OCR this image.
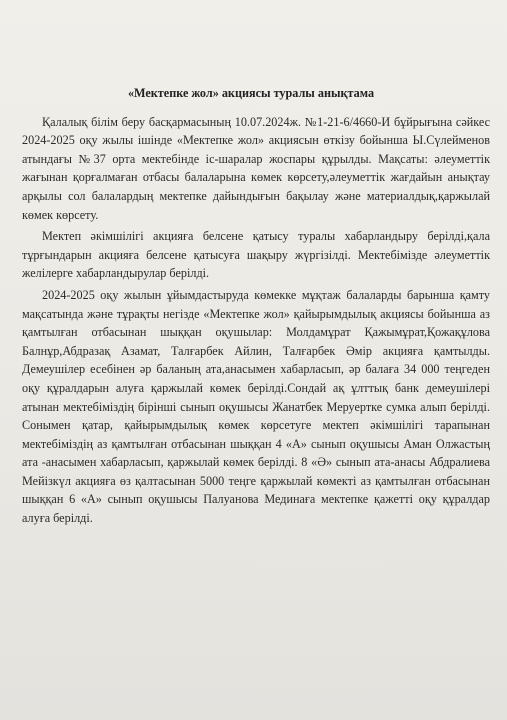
«Мектепке жол» акциясы туралы анықтама

Қалалық білім беру басқармасының 10.07.2024ж. №1-21-6/4660-И бұйрығына сәйкес 2024-2025 оқу жылы ішінде «Мектепке жол» акциясын өткізу бойынша Ы.Сүлейменов атындағы №37 орта мектебінде іс-шаралар жоспары құрылды. Мақсаты: әлеуметтік жағынан қорғалмаған отбасы балаларына көмек көрсету,әлеуметтік жағдайын анықтау арқылы сол балалардың мектепке дайындығын бақылау және материалдық,қаржылай көмек көрсету.

Мектеп әкімшілігі акцияға белсене қатысу туралы хабарландыру берілді,қала тұрғындарын акцияға белсене қатысуға шақыру жүргізілді. Мектебімізде әлеуметтік желілерге хабарландырулар берілді.

2024-2025 оқу жылын ұйымдастыруда көмекке мұқтаж балаларды барынша қамту мақсатында және тұрақты негізде «Мектепке жол» қайырымдылық акциясы бойынша аз қамтылған отбасынан шыққан оқушылар: Молдамұрат Қажымұрат,Қожақұлова Балнұр,Абдразақ Азамат, Талғарбек Айлин, Талғарбек Әмір акцияға қамтылды. Демеушілер есебінен әр баланың ата,анасымен хабарласып, әр балаға 34 000 теңгеден оқу құралдарын алуға қаржылай көмек берілді.Сондай ақ ұлттық банк демеушілері атынан мектебіміздің бірінші сынып оқушысы Жанатбек Меруертке сумка алып берілді. Сонымен қатар, қайырымдылық көмек көрсетуге мектеп әкімшілігі тарапынан мектебіміздің аз қамтылған отбасынан шыққан 4 «А» сынып оқушысы Аман Олжастың ата -анасымен хабарласып, қаржылай көмек берілді. 8 «Ә» сынып ата-анасы Абдралиева Мейізкүл акцияға өз қалтасынан 5000 теңге қаржылай көмекті аз қамтылған отбасынан шыққан 6 «А» сынып оқушысы Палуанова Мединаға мектепке қажетті оқу құралдар алуға берілді.
